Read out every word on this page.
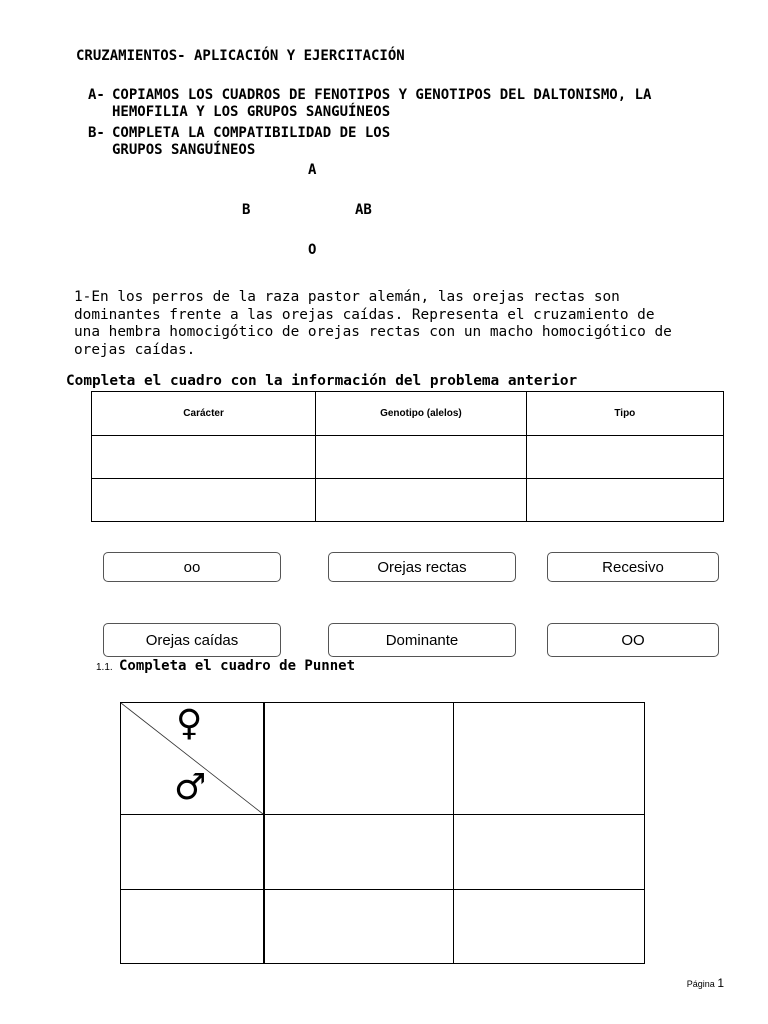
CRUZAMIENTOS- APLICACIÓN Y EJERCITACIÓN
A- COPIAMOS LOS CUADROS DE FENOTIPOS Y GENOTIPOS DEL DALTONISMO, LA
HEMOFILIA Y LOS GRUPOS SANGUÍNEOS
B- COMPLETA LA COMPATIBILIDAD DE LOS
GRUPOS SANGUÍNEOS
A
B	AB
O
1-En los perros de la raza pastor alemán, las orejas rectas son
dominantes frente a las orejas caídas. Representa el cruzamiento de
una hembra homocigótico de orejas rectas con un macho homocigótico de
orejas caídas.
Completa el cuadro con la información del problema anterior
Carácter	Genotipo (alelos)	Tipo

oo	Orejas rectas	Recesivo
Orejas caídas	Dominante	OO
1.1. Completa el cuadro de Punnet
♀
♂
Página 1
